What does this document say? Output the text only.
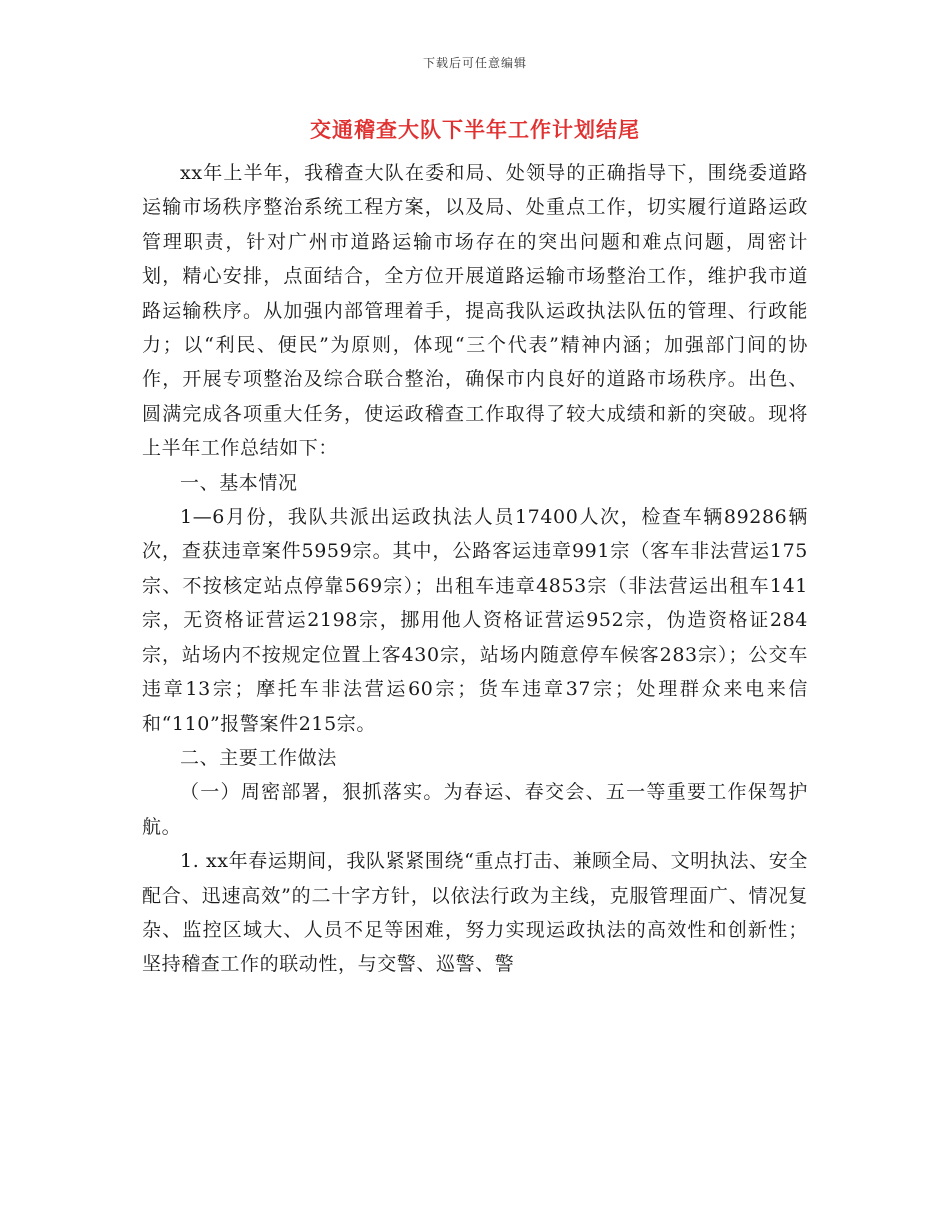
下载后可任意编辑
交通稽查大队下半年工作计划结尾

xx年上半年，我稽查大队在委和局、处领导的正确指导下，围绕委道路运输市场秩序整治系统工程方案，以及局、处重点工作，切实履行道路运政管理职责，针对广州市道路运输市场存在的突出问题和难点问题，周密计划，精心安排，点面结合，全方位开展道路运输市场整治工作，维护我市道路运输秩序。从加强内部管理着手，提高我队运政执法队伍的管理、行政能力；以“利民、便民”为原则，体现“三个代表”精神内涵；加强部门间的协作，开展专项整治及综合联合整治，确保市内良好的道路市场秩序。出色、圆满完成各项重大任务，使运政稽查工作取得了较大成绩和新的突破。现将上半年工作总结如下：

一、基本情况

1—6月份，我队共派出运政执法人员17400人次，检查车辆89286辆次，查获违章案件5959宗。其中，公路客运违章991宗（客车非法营运175宗、不按核定站点停靠569宗）；出租车违章4853宗（非法营运出租车141宗，无资格证营运2198宗，挪用他人资格证营运952宗，伪造资格证284宗，站场内不按规定位置上客430宗，站场内随意停车候客283宗）；公交车违章13宗；摩托车非法营运60宗；货车违章37宗；处理群众来电来信和“110”报警案件215宗。

二、主要工作做法

（一）周密部署，狠抓落实。为春运、春交会、五一等重要工作保驾护航。

1. xx年春运期间，我队紧紧围绕“重点打击、兼顾全局、文明执法、安全配合、迅速高效”的二十字方针，以依法行政为主线，克服管理面广、情况复杂、监控区域大、人员不足等困难，努力实现运政执法的高效性和创新性；坚持稽查工作的联动性，与交警、巡警、警
